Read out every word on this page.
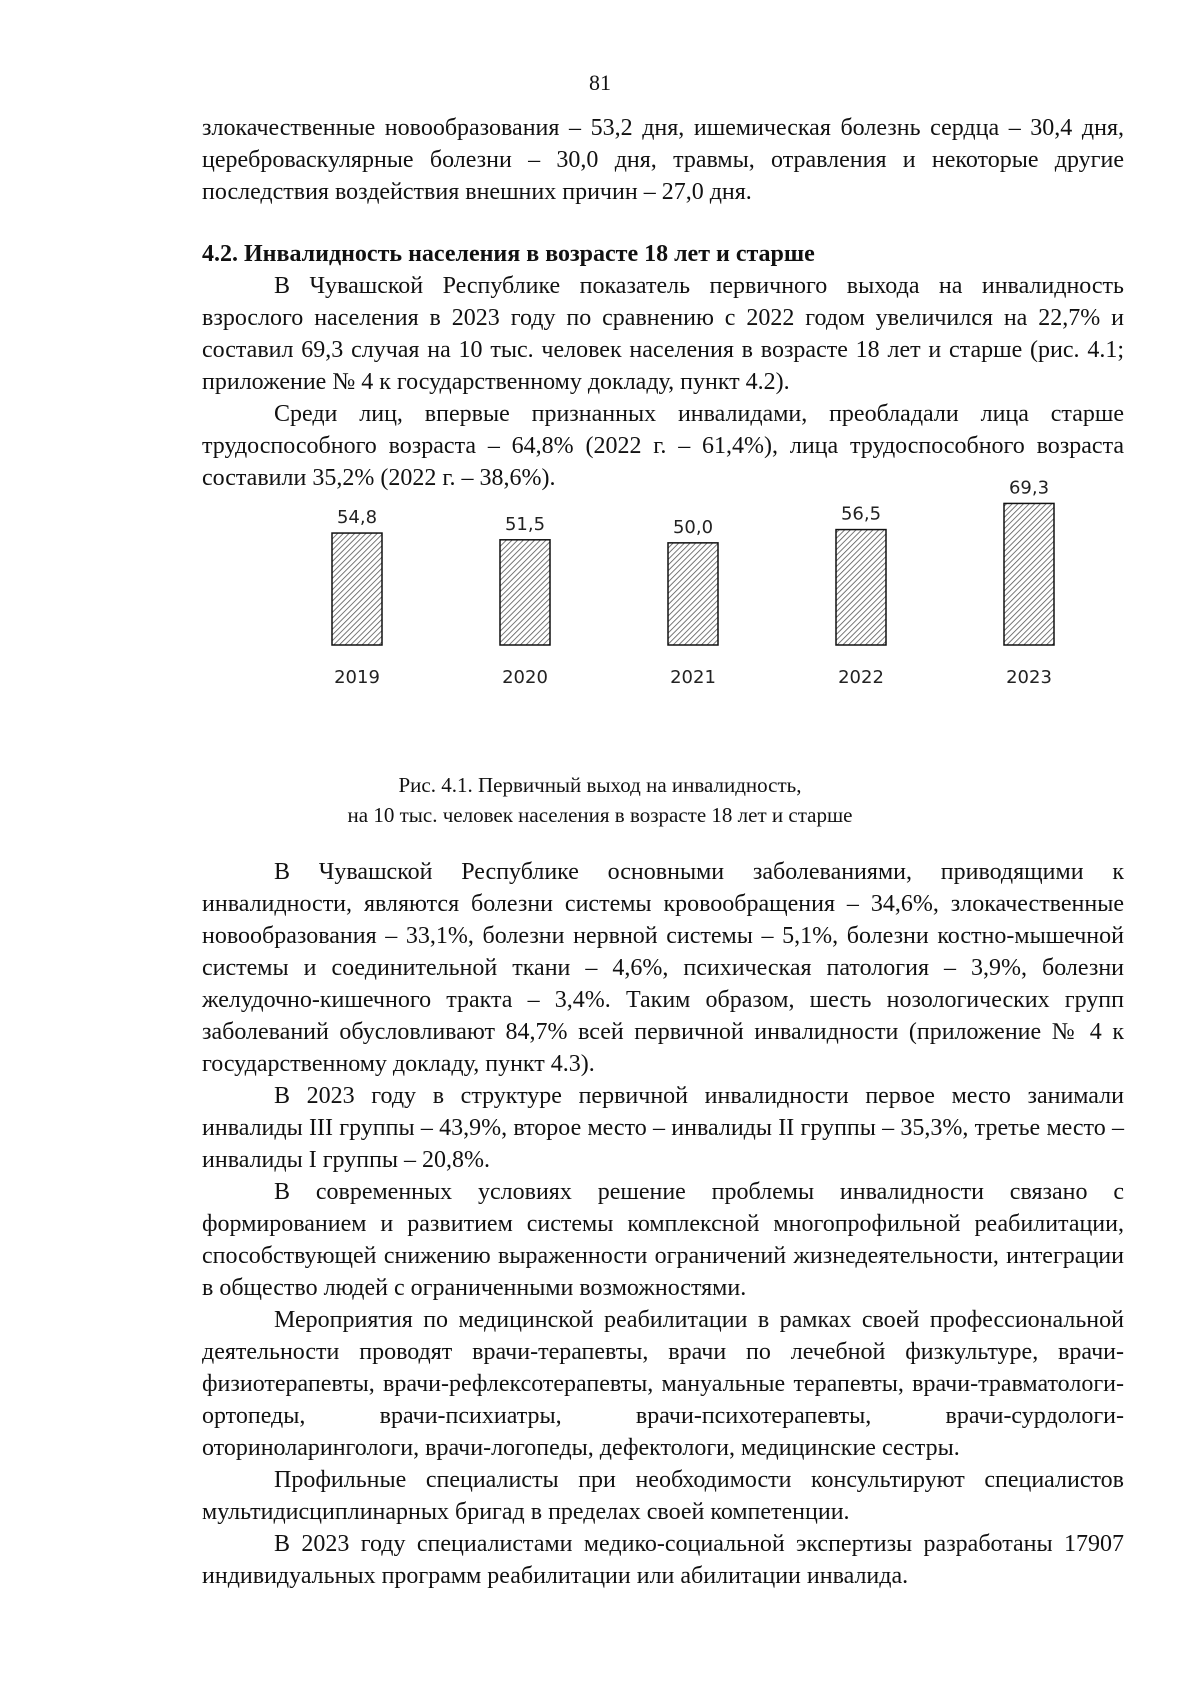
81

злокачественные новообразования – 53,2 дня, ишемическая болезнь сердца – 30,4 дня, цереброваскулярные болезни – 30,0 дня, травмы, отравления и некоторые другие последствия воздействия внешних причин – 27,0 дня.

4.2. Инвалидность населения в возрасте 18 лет и старше

В Чувашской Республике показатель первичного выхода на инвалидность взрослого населения в 2023 году по сравнению с 2022 годом увеличился на 22,7% и составил 69,3 случая на 10 тыс. человек населения в возрасте 18 лет и старше (рис. 4.1; приложение № 4 к государственному докладу, пункт 4.2).

Среди лиц, впервые признанных инвалидами, преобладали лица старше трудоспособного возраста – 64,8% (2022 г. – 61,4%), лица трудоспособного возраста составили 35,2% (2022 г. – 38,6%).

54,8
2019
51,5
2020
50,0
2021
56,5
2022
69,3
2023
Рис. 4.1. Первичный выход на инвалидность,
на 10 тыс. человек населения в возрасте 18 лет и старше

В Чувашской Республике основными заболеваниями, приводящими к инвалидности, являются болезни системы кровообращения – 34,6%, злокачественные новообразования – 33,1%, болезни нервной системы – 5,1%, болезни костно-мышечной системы и соединительной ткани – 4,6%, психическая патология – 3,9%, болезни желудочно-кишечного тракта – 3,4%. Таким образом, шесть нозологических групп заболеваний обусловливают 84,7% всей первичной инвалидности (приложение № 4 к государственному докладу, пункт 4.3).

В 2023 году в структуре первичной инвалидности первое место занимали инвалиды III группы – 43,9%, второе место – инвалиды II группы – 35,3%, третье место – инвалиды I группы – 20,8%.

В современных условиях решение проблемы инвалидности связано с формированием и развитием системы комплексной многопрофильной реабилитации, способствующей снижению выраженности ограничений жизнедеятельности, интеграции в общество людей с ограниченными возможностями.

Мероприятия по медицинской реабилитации в рамках своей профессиональной деятельности проводят врачи-терапевты, врачи по лечебной физкультуре, врачи-физиотерапевты, врачи-рефлексотерапевты, мануальные терапевты, врачи-травматологи-ортопеды, врачи-психиатры, врачи-психотерапевты, врачи-сурдологи-оториноларингологи, врачи-логопеды, дефектологи, медицинские сестры.

Профильные специалисты при необходимости консультируют специалистов мультидисциплинарных бригад в пределах своей компетенции.

В 2023 году специалистами медико-социальной экспертизы разработаны 17907 индивидуальных программ реабилитации или абилитации инвалида.
